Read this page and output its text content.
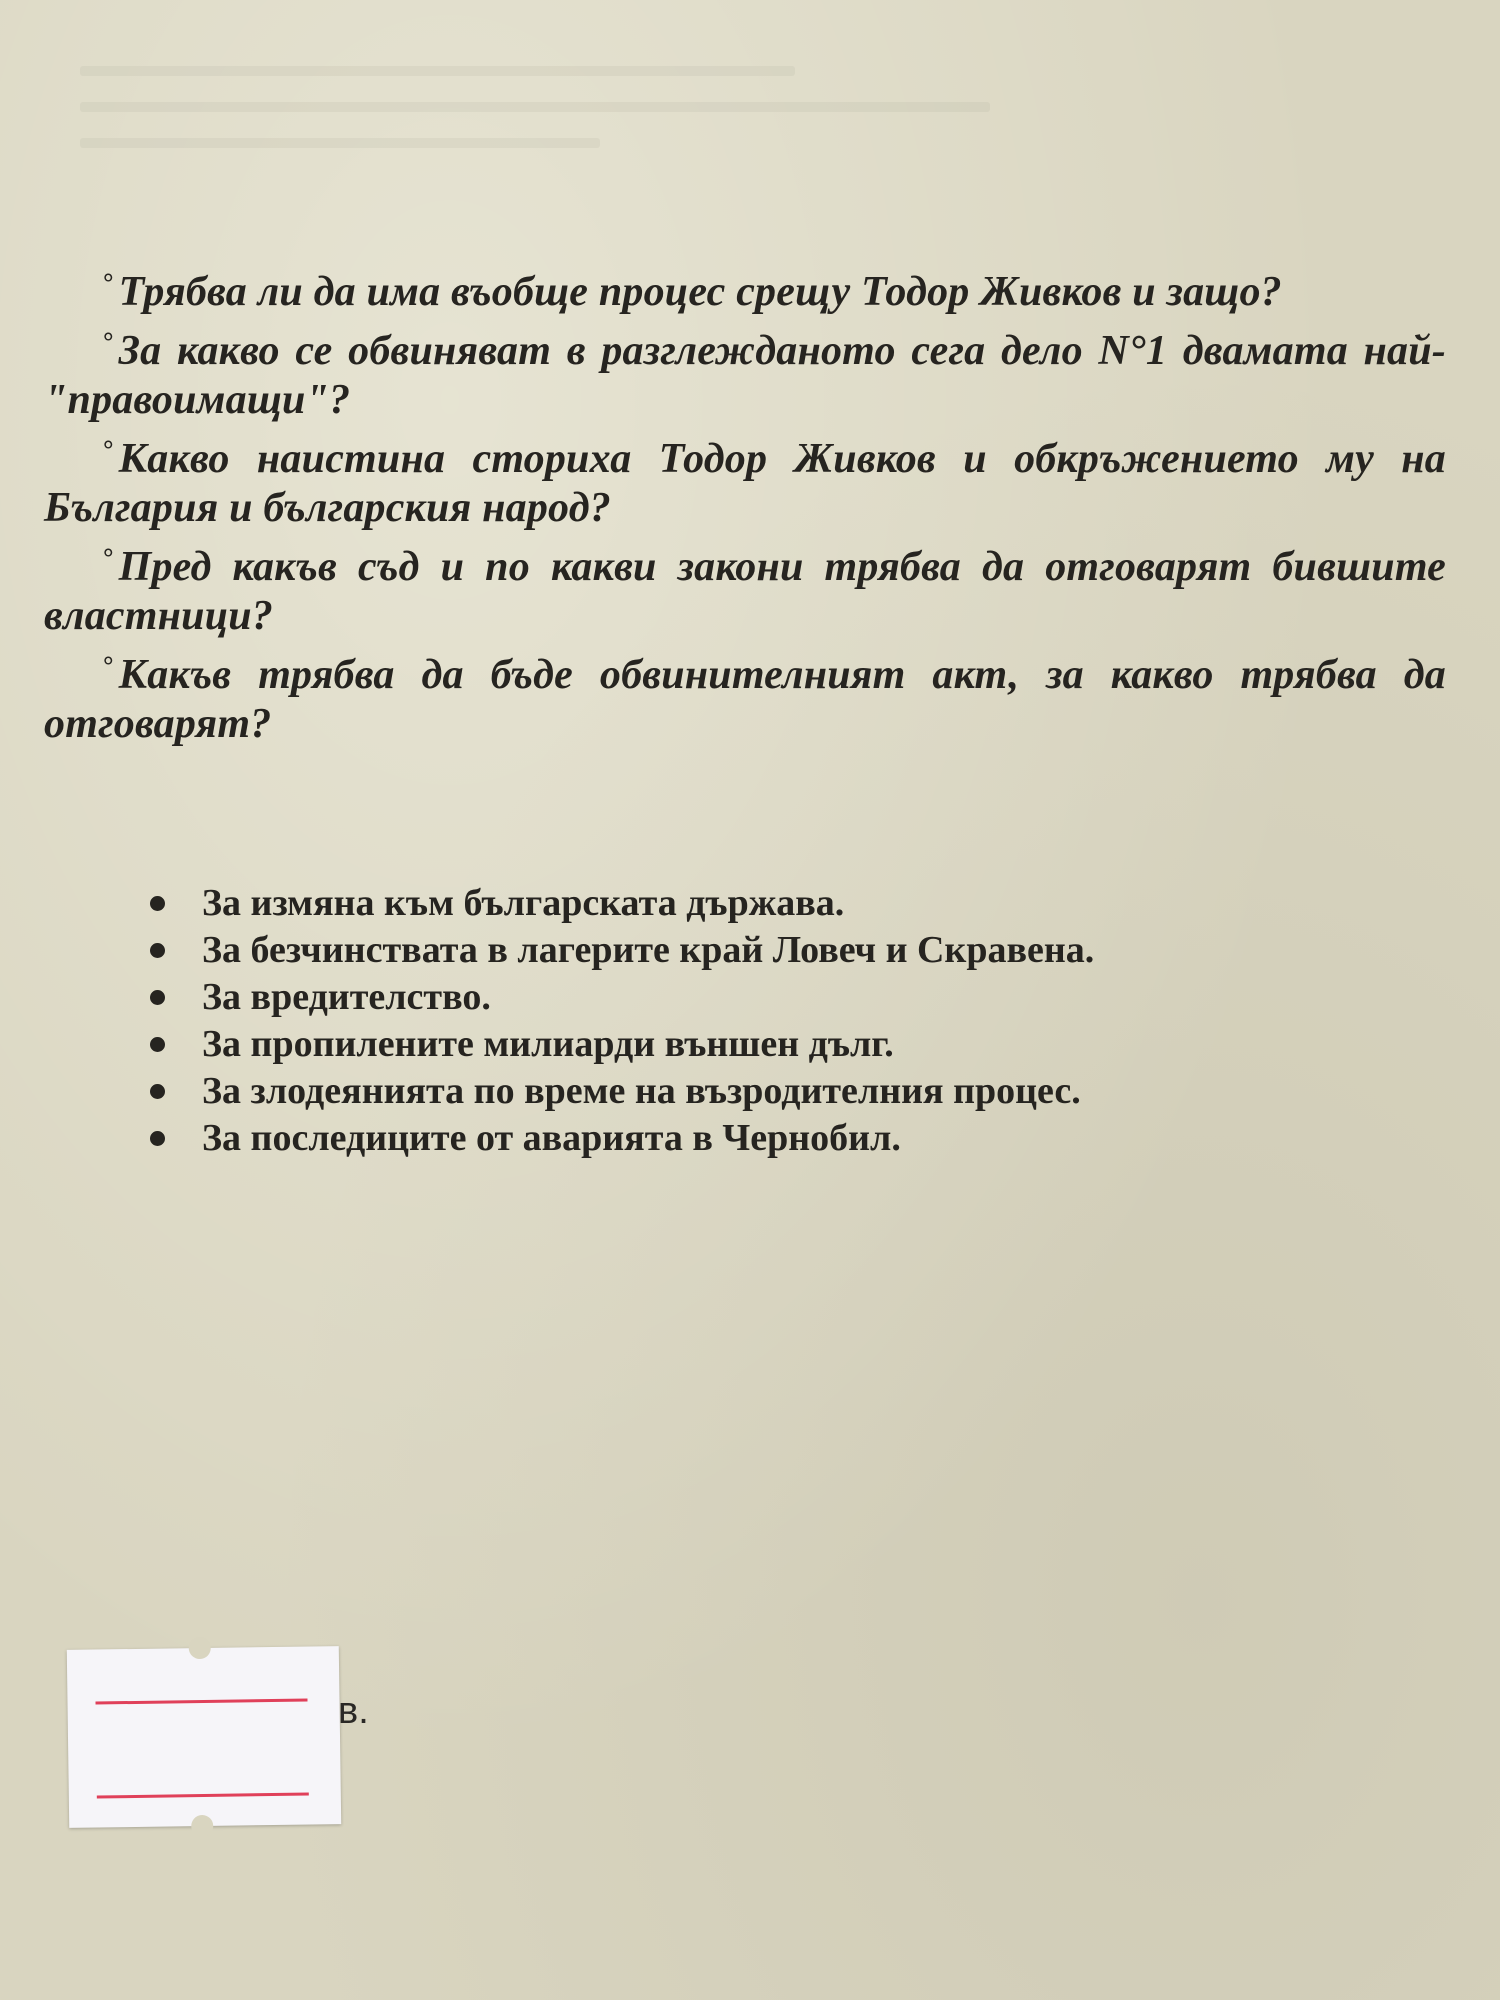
° Трябва ли да има въобще процес срещу Тодор Живков и защо?

° За какво се обвиняват в разглежданото сега дело N°1 двамата най-"правоимащи"?

° Какво наистина сториха Тодор Живков и обкръжението му на България и българския народ?

° Пред какъв съд и по какви закони трябва да отговарят бившите властници?

° Какъв трябва да бъде обвинителният акт, за какво трябва да отговарят?

За измяна към българската държава.
За безчинствата в лагерите край Ловеч и Скравена.
За вредителство.
За пропилените милиарди външен дълг.
За злодеянията по време на възродителния процес.
За последиците от аварията в Чернобил.
в.
